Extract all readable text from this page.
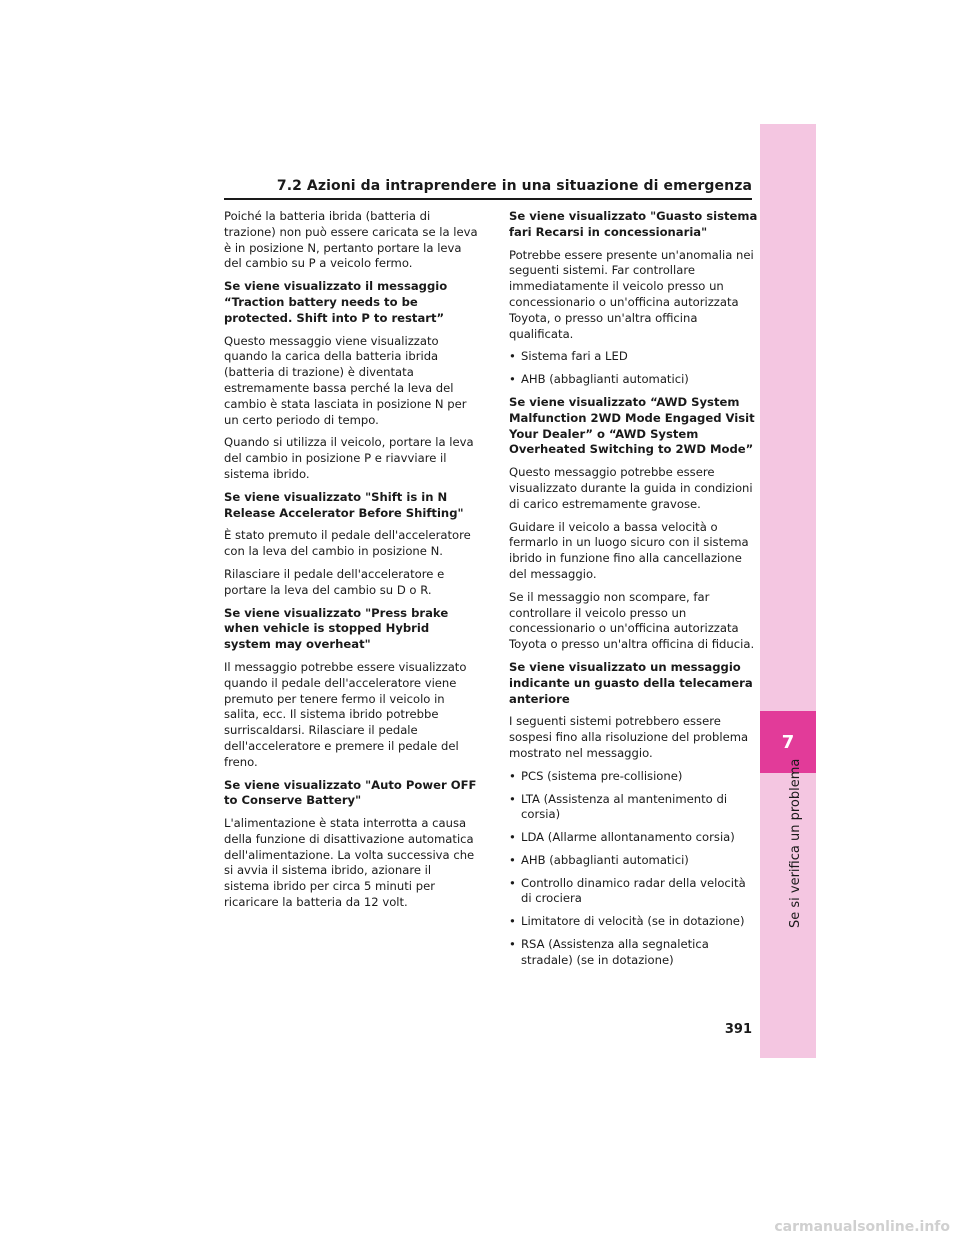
7.2 Azioni da intraprendere in una situazione di emergenza

Poiché la batteria ibrida (batteria di trazione) non può essere caricata se la leva è in posizione N, pertanto portare la leva del cambio su P a veicolo fermo.

Se viene visualizzato il messaggio “Traction battery needs to be protected. Shift into P to restart”

Questo messaggio viene visualizzato quando la carica della batteria ibrida (batteria di trazione) è diventata estremamente bassa perché la leva del cambio è stata lasciata in posizione N per un certo periodo di tempo.

Quando si utilizza il veicolo, portare la leva del cambio in posizione P e riavviare il sistema ibrido.

Se viene visualizzato "Shift is in N Release Accelerator Before Shifting"

È stato premuto il pedale dell'acceleratore con la leva del cambio in posizione N.

Rilasciare il pedale dell'acceleratore e portare la leva del cambio su D o R.

Se viene visualizzato "Press brake when vehicle is stopped Hybrid system may overheat"

Il messaggio potrebbe essere visualizzato quando il pedale dell'acceleratore viene premuto per tenere fermo il veicolo in salita, ecc. Il sistema ibrido potrebbe surriscaldarsi. Rilasciare il pedale dell'acceleratore e premere il pedale del freno.

Se viene visualizzato "Auto Power OFF to Conserve Battery"

L'alimentazione è stata interrotta a causa della funzione di disattivazione automatica dell'alimentazione. La volta successiva che si avvia il sistema ibrido, azionare il sistema ibrido per circa 5 minuti per ricaricare la batteria da 12 volt.

Se viene visualizzato "Guasto sistema fari Recarsi in concessionaria"

Potrebbe essere presente un'anomalia nei seguenti sistemi. Far controllare immediatamente il veicolo presso un concessionario o un'officina autorizzata Toyota, o presso un'altra officina qualificata.

• Sistema fari a LED
• AHB (abbaglianti automatici)

Se viene visualizzato “AWD System Malfunction 2WD Mode Engaged Visit Your Dealer” o “AWD System Overheated Switching to 2WD Mode”

Questo messaggio potrebbe essere visualizzato durante la guida in condizioni di carico estremamente gravose.

Guidare il veicolo a bassa velocità o fermarlo in un luogo sicuro con il sistema ibrido in funzione fino alla cancellazione del messaggio.

Se il messaggio non scompare, far controllare il veicolo presso un concessionario o un'officina autorizzata Toyota o presso un'altra officina di fiducia.

Se viene visualizzato un messaggio indicante un guasto della telecamera anteriore

I seguenti sistemi potrebbero essere sospesi fino alla risoluzione del problema mostrato nel messaggio.

• PCS (sistema pre-collisione)
• LTA (Assistenza al mantenimento di corsia)
• LDA (Allarme allontanamento corsia)
• AHB (abbaglianti automatici)
• Controllo dinamico radar della velocità di crociera
• Limitatore di velocità (se in dotazione)
• RSA (Assistenza alla segnaletica stradale) (se in dotazione)
7
Se si verifica un problema
391
carmanualsonline.info
